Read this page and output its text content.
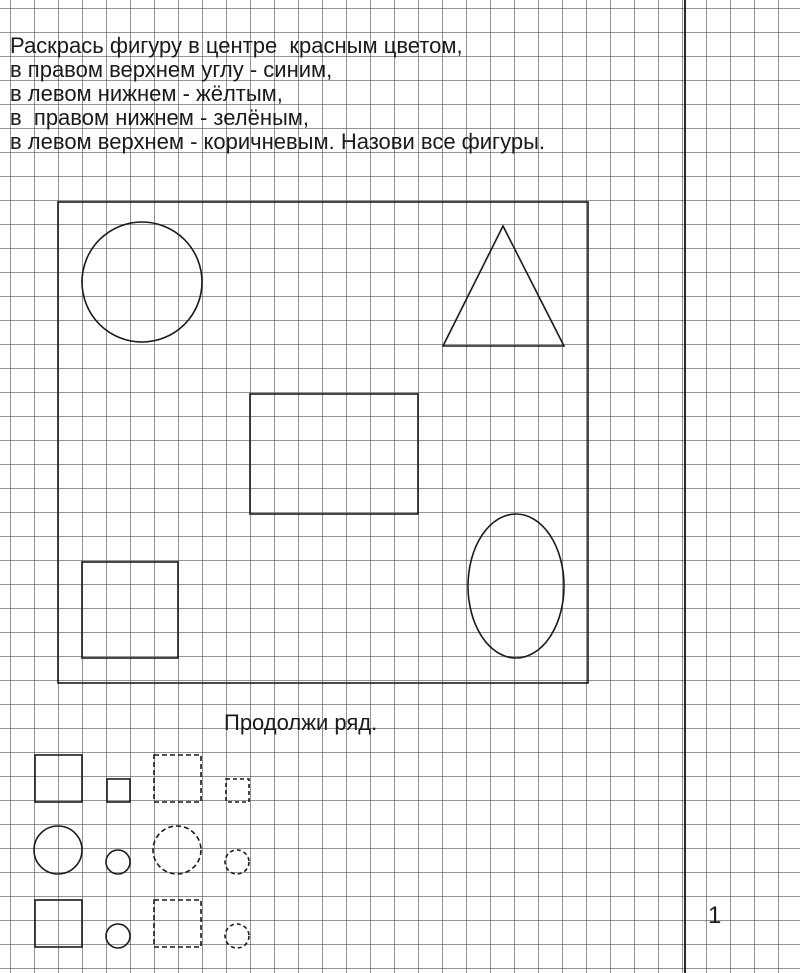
Раскрась фигуру в центре  красным цветом,
в правом верхнем углу - синим,
в левом нижнем - жёлтым,
в  правом нижнем - зелёным,
в левом верхнем - коричневым. Назови все фигуры.
Продолжи ряд.
1
